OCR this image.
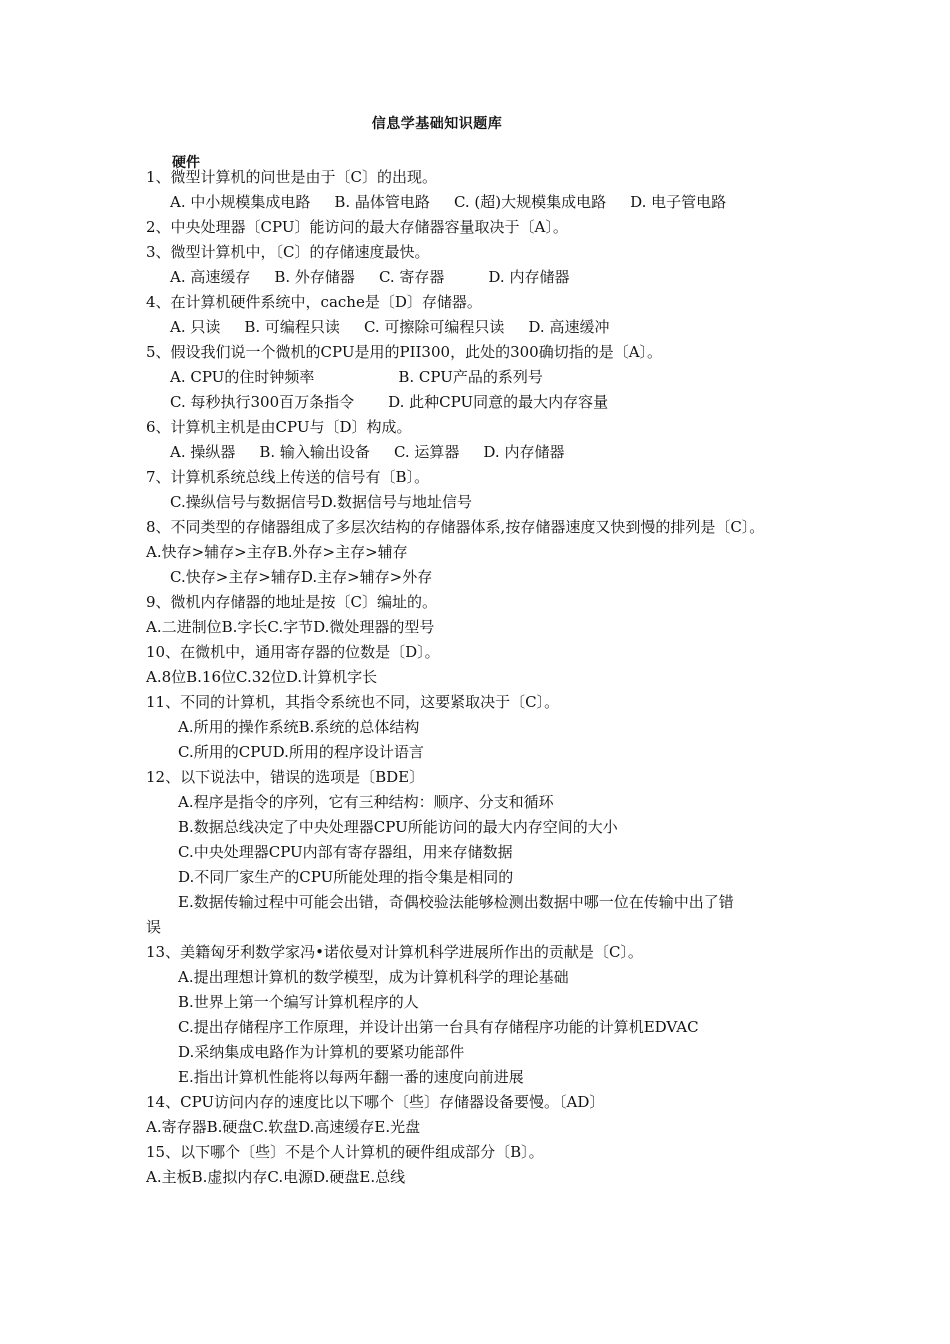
信息学基础知识题库
硬件
1、微型计算机的问世是由于〔C〕的出现。
A. 中小规模集成电路 B. 晶体管电路 C. (超)大规模集成电路 D. 电子管电路
2、中央处理器〔CPU〕能访问的最大存储器容量取决于〔A〕。
3、微型计算机中，〔C〕的存储速度最快。
A. 高速缓存 B. 外存储器 C. 寄存器	D. 内存储器
4、在计算机硬件系统中，cache是〔D〕存储器。
A. 只读 B. 可编程只读 C. 可擦除可编程只读 D. 高速缓冲
5、假设我们说一个微机的CPU是用的PII300，此处的300确切指的是〔A〕。
A. CPU的住时钟频率	B. CPU产品的系列号
C. 每秒执行300百万条指令 D. 此种CPU同意的最大内存容量
6、计算机主机是由CPU与〔D〕构成。
A. 操纵器 B. 输入输出设备 C. 运算器 D. 内存储器
7、计算机系统总线上传送的信号有〔B〕。
C.操纵信号与数据信号D.数据信号与地址信号
8、不同类型的存储器组成了多层次结构的存储器体系,按存储器速度又快到慢的排列是〔C〕。
A.快存>辅存>主存B.外存>主存>辅存
C.快存>主存>辅存D.主存>辅存>外存
9、微机内存储器的地址是按〔C〕编址的。
A.二进制位B.字长C.字节D.微处理器的型号
10、在微机中，通用寄存器的位数是〔D〕。
A.8位B.16位C.32位D.计算机字长
11、不同的计算机，其指令系统也不同，这要紧取决于〔C〕。
A.所用的操作系统B.系统的总体结构
C.所用的CPUD.所用的程序设计语言
12、以下说法中，错误的选项是〔BDE〕
A.程序是指令的序列，它有三种结构：顺序、分支和循环
B.数据总线决定了中央处理器CPU所能访问的最大内存空间的大小
C.中央处理器CPU内部有寄存器组，用来存储数据
D.不同厂家生产的CPU所能处理的指令集是相同的
E.数据传输过程中可能会出错，奇偶校验法能够检测出数据中哪一位在传输中出了错
误
13、美籍匈牙利数学家冯•诺依曼对计算机科学进展所作出的贡献是〔C〕。
A.提出理想计算机的数学模型，成为计算机科学的理论基础
B.世界上第一个编写计算机程序的人
C.提出存储程序工作原理，并设计出第一台具有存储程序功能的计算机EDVAC
D.采纳集成电路作为计算机的要紧功能部件
E.指出计算机性能将以每两年翻一番的速度向前进展
14、CPU访问内存的速度比以下哪个〔些〕存储器设备要慢。〔AD〕
A.寄存器B.硬盘C.软盘D.高速缓存E.光盘
15、以下哪个〔些〕不是个人计算机的硬件组成部分〔B〕。
A.主板B.虚拟内存C.电源D.硬盘E.总线
